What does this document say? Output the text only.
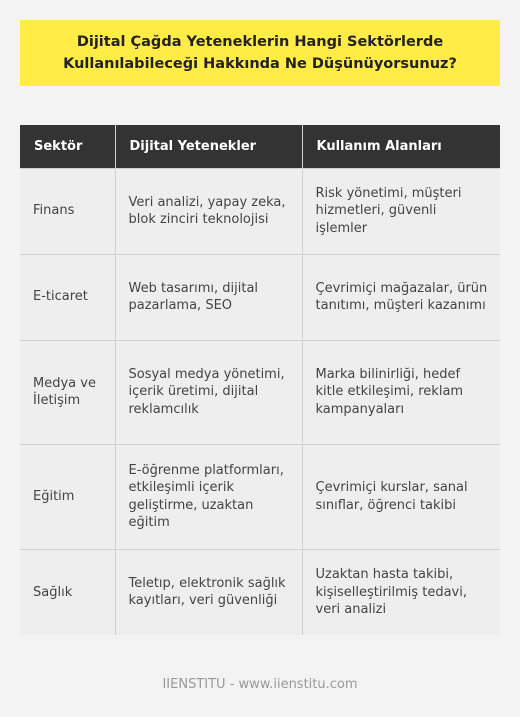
Dijital Çağda Yeteneklerin Hangi Sektörlerde Kullanılabileceği Hakkında Ne Düşünüyorsunuz?
Sektör	Dijital Yetenekler	Kullanım Alanları
Finans	Veri analizi, yapay zeka, blok zinciri teknolojisi	Risk yönetimi, müşteri hizmetleri, güvenli işlemler
E-ticaret	Web tasarımı, dijital pazarlama, SEO	Çevrimiçi mağazalar, ürün tanıtımı, müşteri kazanımı
Medya ve İletişim	Sosyal medya yönetimi, içerik üretimi, dijital reklamcılık	Marka bilinirliği, hedef kitle etkileşimi, reklam kampanyaları
Eğitim	E-öğrenme platformları, etkileşimli içerik geliştirme, uzaktan eğitim	Çevrimiçi kurslar, sanal sınıflar, öğrenci takibi
Sağlık	Teletıp, elektronik sağlık kayıtları, veri güvenliği	Uzaktan hasta takibi, kişiselleştirilmiş tedavi, veri analizi
IIENSTITU - www.iienstitu.com
